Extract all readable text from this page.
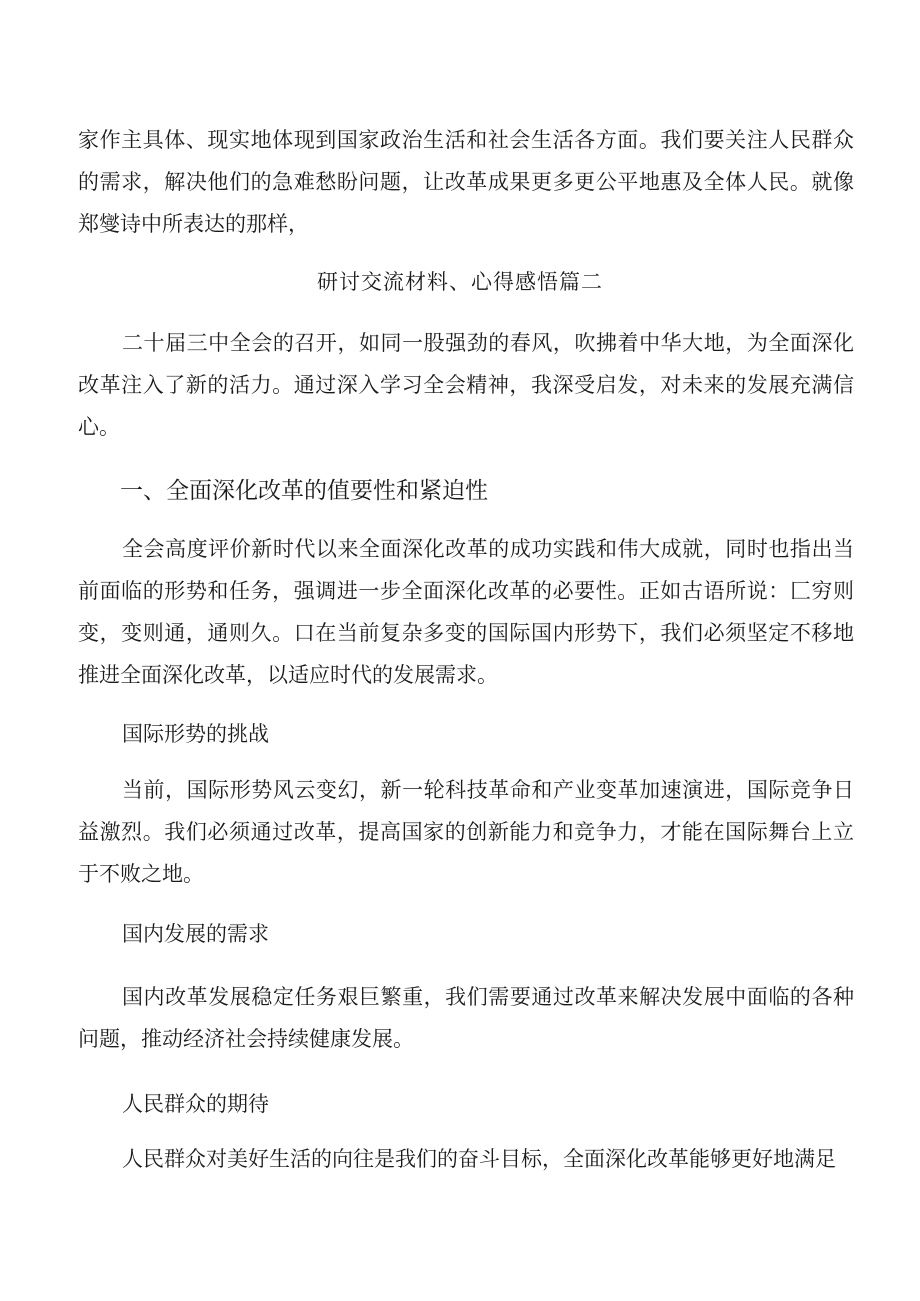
家作主具体、现实地体现到国家政治生活和社会生活各方面。我们要关注人民群众的需求，解决他们的急难愁盼问题，让改革成果更多更公平地惠及全体人民。就像郑燮诗中所表达的那样，

研讨交流材料、心得感悟篇二

二十届三中全会的召开，如同一股强劲的春风，吹拂着中华大地，为全面深化改革注入了新的活力。通过深入学习全会精神，我深受启发，对未来的发展充满信心。

一、全面深化改革的值要性和紧迫性

全会高度评价新时代以来全面深化改革的成功实践和伟大成就，同时也指出当前面临的形势和任务，强调进一步全面深化改革的必要性。正如古语所说：匚穷则变，变则通，通则久。口在当前复杂多变的国际国内形势下，我们必须坚定不移地推进全面深化改革，以适应时代的发展需求。

国际形势的挑战

当前，国际形势风云变幻，新一轮科技革命和产业变革加速演进，国际竞争日益激烈。我们必须通过改革，提高国家的创新能力和竞争力，才能在国际舞台上立于不败之地。

国内发展的需求

国内改革发展稳定任务艰巨繁重，我们需要通过改革来解决发展中面临的各种问题，推动经济社会持续健康发展。

人民群众的期待

人民群众对美好生活的向往是我们的奋斗目标，全面深化改革能够更好地满足
